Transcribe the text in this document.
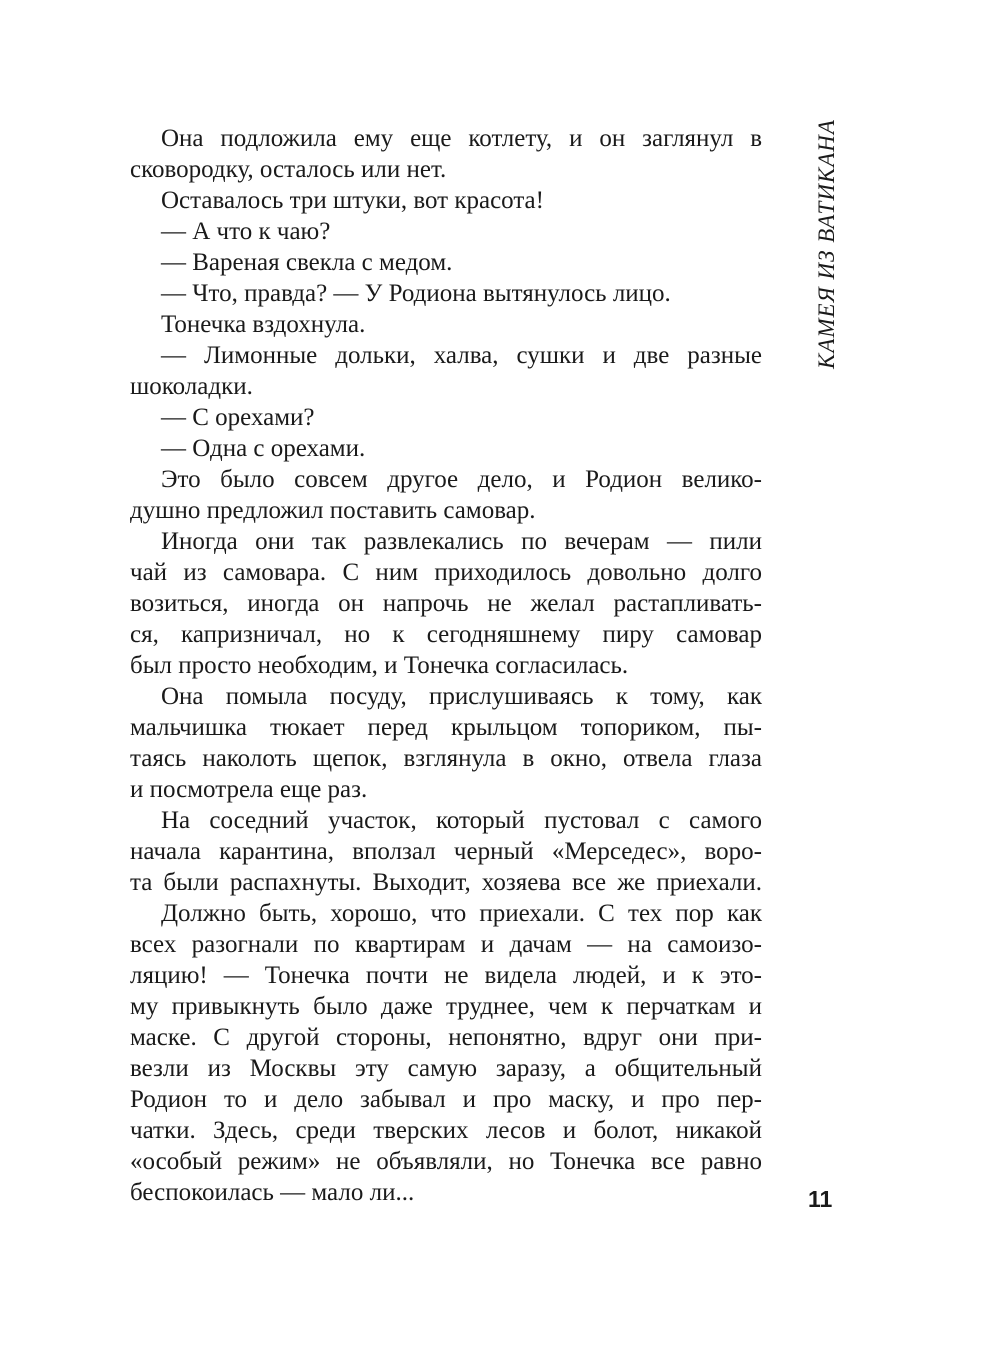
КАМЕЯ ИЗ ВАТИКАНА
Она подложила ему еще котлету, и он заглянул в
сковородку, осталось или нет.
Оставалось три штуки, вот красота!
— А что к чаю?
— Вареная свекла с медом.
— Что, правда? — У Родиона вытянулось лицо.
Тонечка вздохнула.
— Лимонные дольки, халва, сушки и две разные
шоколадки.
— С орехами?
— Одна с орехами.
Это было совсем другое дело, и Родион велико-
душно предложил поставить самовар.
Иногда они так развлекались по вечерам — пили
чай из самовара. С ним приходилось довольно долго
возиться, иногда он напрочь не желал растапливать-
ся, капризничал, но к сегодняшнему пиру самовар
был просто необходим, и Тонечка согласилась.
Она помыла посуду, прислушиваясь к тому, как
мальчишка тюкает перед крыльцом топориком, пы-
таясь наколоть щепок, взглянула в окно, отвела глаза
и посмотрела еще раз.
На соседний участок, который пустовал с самого
начала карантина, вползал черный «Мерседес», воро-
та были распахнуты. Выходит, хозяева все же приехали.
Должно быть, хорошо, что приехали. С тех пор как
всех разогнали по квартирам и дачам — на самоизо-
ляцию! — Тонечка почти не видела людей, и к это-
му привыкнуть было даже труднее, чем к перчаткам и
маске. С другой стороны, непонятно, вдруг они при-
везли из Москвы эту самую заразу, а общительный
Родион то и дело забывал и про маску, и про пер-
чатки. Здесь, среди тверских лесов и болот, никакой
«особый режим» не объявляли, но Тонечка все равно
беспокоилась — мало ли...	11
